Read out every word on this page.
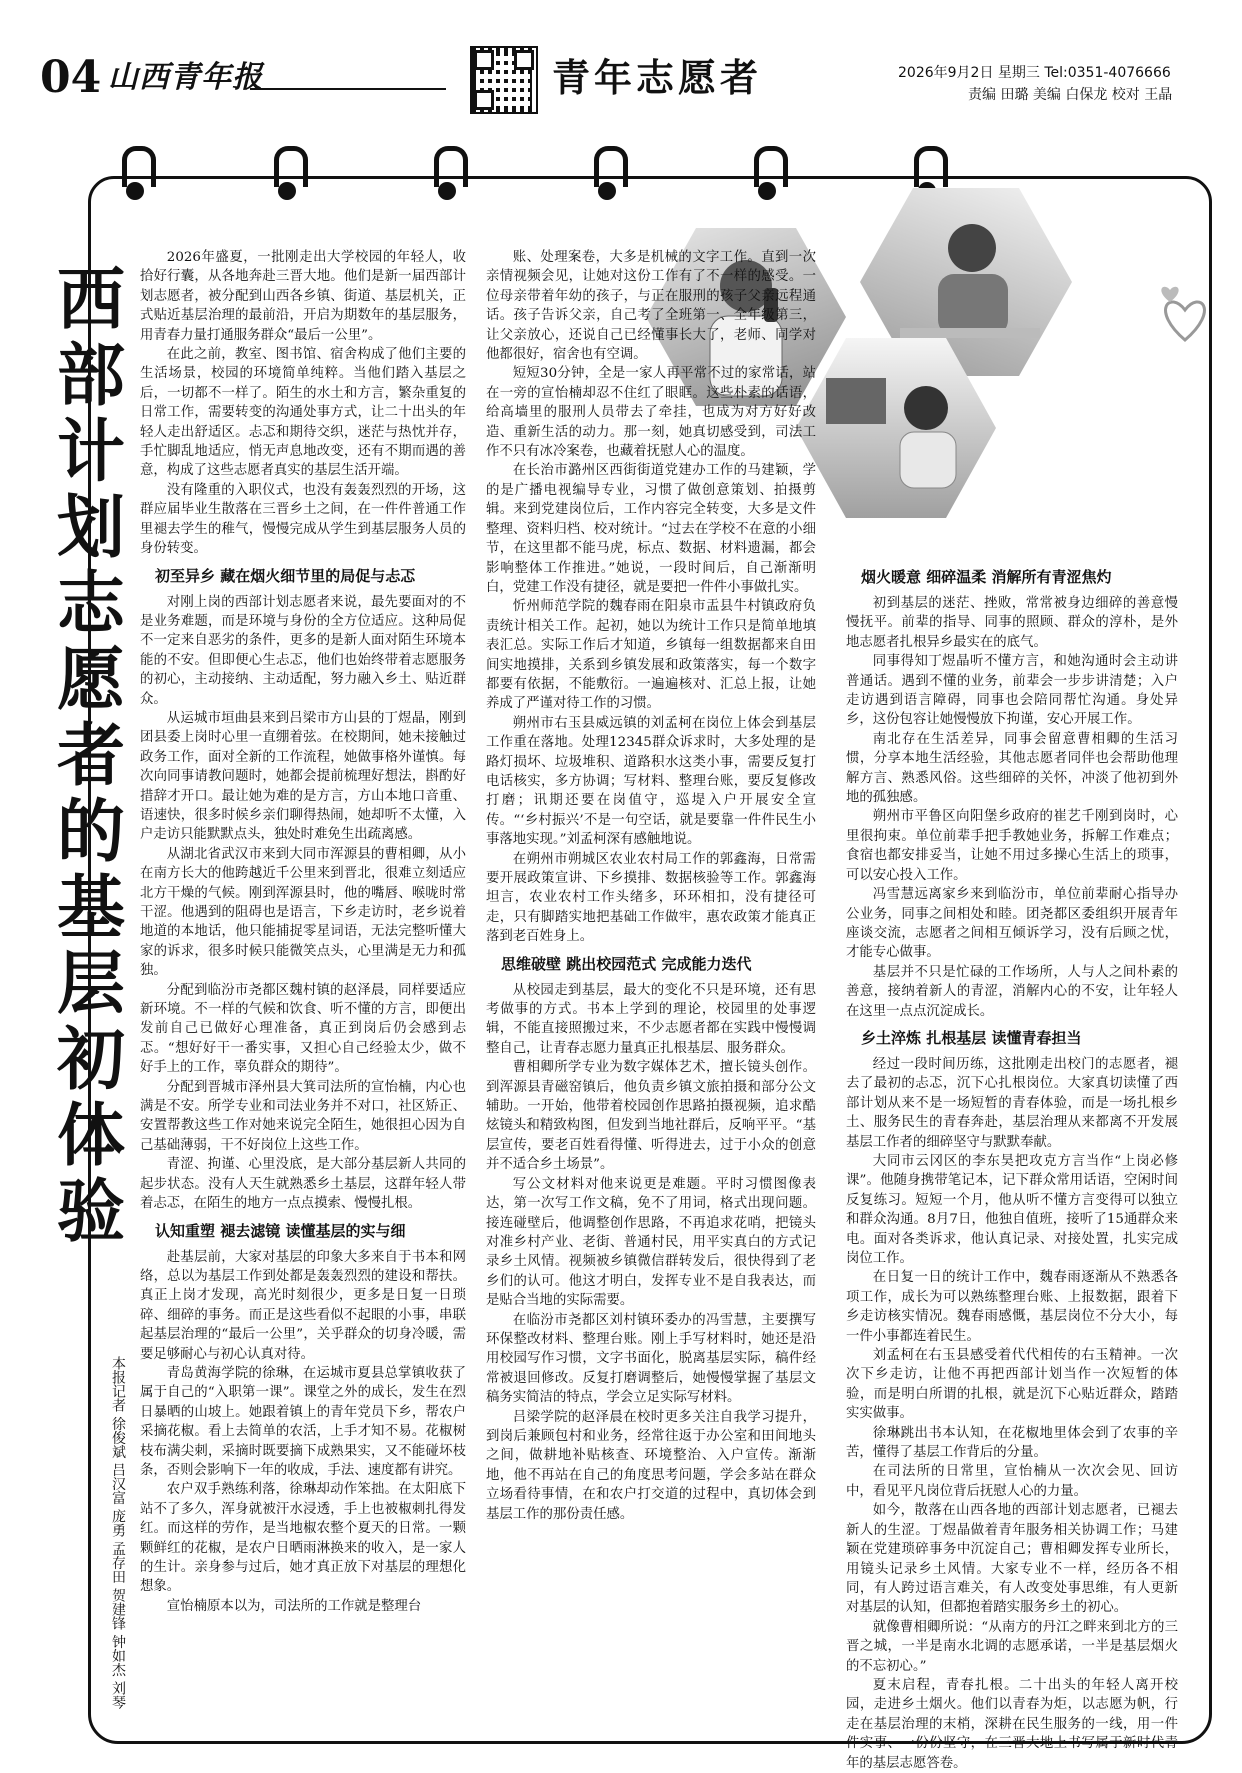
04 山西青年报	青年志愿者	2026年9月2日 星期三 Tel:0351-4076666
责编 田璐 美编 白保龙 校对 王晶
西
部
计
划
志
愿
者
的
基
层
初
体
验
本报记者 徐俊斌 吕汉富 庞勇 孟存田 贺建锋 钟如杰 刘琴

2026年盛夏，一批刚走出大学校园的年轻人，收拾好行囊，从各地奔赴三晋大地。他们是新一届西部计划志愿者，被分配到山西各乡镇、街道、基层机关，正式贴近基层治理的最前沿，开启为期数年的基层服务，用青春力量打通服务群众“最后一公里”。

在此之前，教室、图书馆、宿舍构成了他们主要的生活场景，校园的环境简单纯粹。当他们踏入基层之后，一切都不一样了。陌生的水土和方言，繁杂重复的日常工作，需要转变的沟通处事方式，让二十出头的年轻人走出舒适区。忐忑和期待交织，迷茫与热忱并存，手忙脚乱地适应，悄无声息地改变，还有不期而遇的善意，构成了这些志愿者真实的基层生活开端。

没有隆重的入职仪式，也没有轰轰烈烈的开场，这群应届毕业生散落在三晋乡土之间，在一件件普通工作里褪去学生的稚气，慢慢完成从学生到基层服务人员的身份转变。

初至异乡 藏在烟火细节里的局促与忐忑

对刚上岗的西部计划志愿者来说，最先要面对的不是业务难题，而是环境与身份的全方位适应。这种局促不一定来自恶劣的条件，更多的是新人面对陌生环境本能的不安。但即便心生忐忑，他们也始终带着志愿服务的初心，主动接纳、主动适配，努力融入乡土、贴近群众。

从运城市垣曲县来到吕梁市方山县的丁煜晶，刚到团县委上岗时心里一直绷着弦。在校期间，她未接触过政务工作，面对全新的工作流程，她做事格外谨慎。每次向同事请教问题时，她都会提前梳理好想法，斟酌好措辞才开口。最让她为难的是方言，方山本地口音重、语速快，很多时候乡亲们聊得热闹，她却听不太懂，入户走访只能默默点头，独处时难免生出疏离感。

从湖北省武汉市来到大同市浑源县的曹相卿，从小在南方长大的他跨越近千公里来到晋北，很难立刻适应北方干燥的气候。刚到浑源县时，他的嘴唇、喉咙时常干涩。他遇到的阻碍也是语言，下乡走访时，老乡说着地道的本地话，他只能捕捉零星词语，无法完整听懂大家的诉求，很多时候只能微笑点头，心里满是无力和孤独。

分配到临汾市尧都区魏村镇的赵泽晨，同样要适应新环境。不一样的气候和饮食、听不懂的方言，即便出发前自己已做好心理准备，真正到岗后仍会感到忐忑。“想好好干一番实事，又担心自己经验太少，做不好手上的工作，辜负群众的期待”。

分配到晋城市泽州县大箕司法所的宣怡楠，内心也满是不安。所学专业和司法业务并不对口，社区矫正、安置帮教这些工作对她来说完全陌生，她很担心因为自己基础薄弱，干不好岗位上这些工作。

青涩、拘谨、心里没底，是大部分基层新人共同的起步状态。没有人天生就熟悉乡土基层，这群年轻人带着忐忑，在陌生的地方一点点摸索、慢慢扎根。

认知重塑 褪去滤镜 读懂基层的实与细

赴基层前，大家对基层的印象大多来自于书本和网络，总以为基层工作到处都是轰轰烈烈的建设和帮扶。真正上岗才发现，高光时刻很少，更多是日复一日琐碎、细碎的事务。而正是这些看似不起眼的小事，串联起基层治理的“最后一公里”，关乎群众的切身冷暖，需要足够耐心与初心认真对待。

青岛黄海学院的徐琳，在运城市夏县总掌镇收获了属于自己的“入职第一课”。课堂之外的成长，发生在烈日暴晒的山坡上。她跟着镇上的青年党员下乡，帮农户采摘花椒。看上去简单的农活，上手才知不易。花椒树枝布满尖刺，采摘时既要摘下成熟果实，又不能碰坏枝条，否则会影响下一年的收成，手法、速度都有讲究。

农户双手熟练利落，徐琳却动作笨拙。在太阳底下站不了多久，浑身就被汗水浸透，手上也被椒刺扎得发红。而这样的劳作，是当地椒农整个夏天的日常。一颗颗鲜红的花椒，是农户日晒雨淋换来的收入，是一家人的生计。亲身参与过后，她才真正放下对基层的理想化想象。

宣怡楠原本以为，司法所的工作就是整理台

账、处理案卷，大多是机械的文字工作。直到一次亲情视频会见，让她对这份工作有了不一样的感受。一位母亲带着年幼的孩子，与正在服刑的孩子父亲远程通话。孩子告诉父亲，自己考了全班第一、全年级第三，让父亲放心，还说自己已经懂事长大了，老师、同学对他都很好，宿舍也有空调。

短短30分钟，全是一家人再平常不过的家常话，站在一旁的宣怡楠却忍不住红了眼眶。这些朴素的话语，给高墙里的服刑人员带去了牵挂，也成为对方好好改造、重新生活的动力。那一刻，她真切感受到，司法工作不只有冰冷案卷，也藏着抚慰人心的温度。

在长治市潞州区西街街道党建办工作的马建颖，学的是广播电视编导专业，习惯了做创意策划、拍摄剪辑。来到党建岗位后，工作内容完全转变，大多是文件整理、资料归档、校对统计。“过去在学校不在意的小细节，在这里都不能马虎，标点、数据、材料遗漏，都会影响整体工作推进。”她说，一段时间后，自己渐渐明白，党建工作没有捷径，就是要把一件件小事做扎实。

忻州师范学院的魏春雨在阳泉市盂县牛村镇政府负责统计相关工作。起初，她以为统计工作只是简单地填表汇总。实际工作后才知道，乡镇每一组数据都来自田间实地摸排，关系到乡镇发展和政策落实，每一个数字都要有依据，不能敷衍。一遍遍核对、汇总上报，让她养成了严谨对待工作的习惯。

朔州市右玉县威远镇的刘孟柯在岗位上体会到基层工作重在落地。处理12345群众诉求时，大多处理的是路灯损坏、垃圾堆积、道路积水这类小事，需要反复打电话核实，多方协调；写材料、整理台账，要反复修改打磨；讯期还要在岗值守，巡堤入户开展安全宣传。“‘乡村振兴’不是一句空话，就是要靠一件件民生小事落地实现。”刘孟柯深有感触地说。

在朔州市朔城区农业农村局工作的郭鑫海，日常需要开展政策宣讲、下乡摸排、数据核验等工作。郭鑫海坦言，农业农村工作头绪多，环环相扣，没有捷径可走，只有脚踏实地把基础工作做牢，惠农政策才能真正落到老百姓身上。

思维破壁 跳出校园范式 完成能力迭代

从校园走到基层，最大的变化不只是环境，还有思考做事的方式。书本上学到的理论，校园里的处事逻辑，不能直接照搬过来，不少志愿者都在实践中慢慢调整自己，让青春志愿力量真正扎根基层、服务群众。

曹相卿所学专业为数字媒体艺术，擅长镜头创作。到浑源县青磁窑镇后，他负责乡镇文旅拍摄和部分公文辅助。一开始，他带着校园创作思路拍摄视频，追求酷炫镜头和精致构图，但发到当地社群后，反响平平。“基层宣传，要老百姓看得懂、听得进去，过于小众的创意并不适合乡土场景”。

写公文材料对他来说更是难题。平时习惯图像表达，第一次写工作文稿，免不了用词，格式出现问题。接连碰壁后，他调整创作思路，不再追求花哨，把镜头对准乡村产业、老街、普通村民，用平实真白的方式记录乡土风情。视频被乡镇微信群转发后，很快得到了老乡们的认可。他这才明白，发挥专业不是自我表达，而是贴合当地的实际需要。

在临汾市尧都区刘村镇环委办的冯雪慧，主要撰写环保整改材料、整理台账。刚上手写材料时，她还是沿用校园写作习惯，文字书面化，脱离基层实际，稿件经常被退回修改。反复打磨调整后，她慢慢掌握了基层文稿务实简洁的特点，学会立足实际写材料。

吕梁学院的赵泽晨在校时更多关注自我学习提升，到岗后兼顾包村和业务，经常往返于办公室和田间地头之间，做耕地补贴核查、环境整治、入户宣传。渐渐地，他不再站在自己的角度思考问题，学会多站在群众立场看待事情，在和农户打交道的过程中，真切体会到基层工作的那份责任感。

烟火暖意 细碎温柔 消解所有青涩焦灼

初到基层的迷茫、挫败，常常被身边细碎的善意慢慢抚平。前辈的指导、同事的照顾、群众的淳朴，是外地志愿者扎根异乡最实在的底气。

同事得知丁煜晶听不懂方言，和她沟通时会主动讲普通话。遇到不懂的业务，前辈会一步步讲清楚；入户走访遇到语言障碍，同事也会陪同帮忙沟通。身处异乡，这份包容让她慢慢放下拘谨，安心开展工作。

南北存在生活差异，同事会留意曹相卿的生活习惯，分享本地生活经验，其他志愿者同伴也会帮助他理解方言、熟悉风俗。这些细碎的关怀，冲淡了他初到外地的孤独感。

朔州市平鲁区向阳堡乡政府的崔艺千刚到岗时，心里很拘束。单位前辈手把手教她业务，拆解工作难点；食宿也都安排妥当，让她不用过多操心生活上的琐事，可以安心投入工作。

冯雪慧远离家乡来到临汾市，单位前辈耐心指导办公业务，同事之间相处和睦。团尧都区委组织开展青年座谈交流，志愿者之间相互倾诉学习，没有后顾之忧，才能专心做事。

基层并不只是忙碌的工作场所，人与人之间朴素的善意，接纳着新人的青涩，消解内心的不安，让年轻人在这里一点点沉淀成长。

乡土淬炼 扎根基层 读懂青春担当

经过一段时间历练，这批刚走出校门的志愿者，褪去了最初的忐忑，沉下心扎根岗位。大家真切读懂了西部计划从来不是一场短暂的青春体验，而是一场扎根乡土、服务民生的青春奔赴，基层治理从来都离不开发展基层工作者的细碎坚守与默默奉献。

大同市云冈区的李东昊把攻克方言当作“上岗必修课”。他随身携带笔记本，记下群众常用话语，空闲时间反复练习。短短一个月，他从听不懂方言变得可以独立和群众沟通。8月7日，他独自值班，接听了15通群众来电。面对各类诉求，他认真记录、对接处置，扎实完成岗位工作。

在日复一日的统计工作中，魏春雨逐渐从不熟悉各项工作，成长为可以熟练整理台账、上报数据，跟着下乡走访核实情况。魏春雨感慨，基层岗位不分大小，每一件小事都连着民生。

刘孟柯在右玉县感受着代代相传的右玉精神。一次次下乡走访，让他不再把西部计划当作一次短暂的体验，而是明白所谓的扎根，就是沉下心贴近群众，踏踏实实做事。

徐琳跳出书本认知，在花椒地里体会到了农事的辛苦，懂得了基层工作背后的分量。

在司法所的日常里，宣怡楠从一次次会见、回访中，看见平凡岗位背后抚慰人心的力量。

如今，散落在山西各地的西部计划志愿者，已褪去新人的生涩。丁煜晶做着青年服务相关协调工作；马建颖在党建琐碎事务中沉淀自己；曹相卿发挥专业所长，用镜头记录乡土风情。大家专业不一样，经历各不相同，有人跨过语言难关，有人改变处事思维，有人更新对基层的认知，但都抱着踏实服务乡土的初心。

就像曹相卿所说：“从南方的丹江之畔来到北方的三晋之城，一半是南水北调的志愿承诺，一半是基层烟火的不忘初心。”

夏末启程，青春扎根。二十出头的年轻人离开校园，走进乡土烟火。他们以青春为炬，以志愿为帆，行走在基层治理的末梢，深耕在民生服务的一线，用一件件实事、一份份坚守，在三晋大地上书写属于新时代青年的基层志愿答卷。
